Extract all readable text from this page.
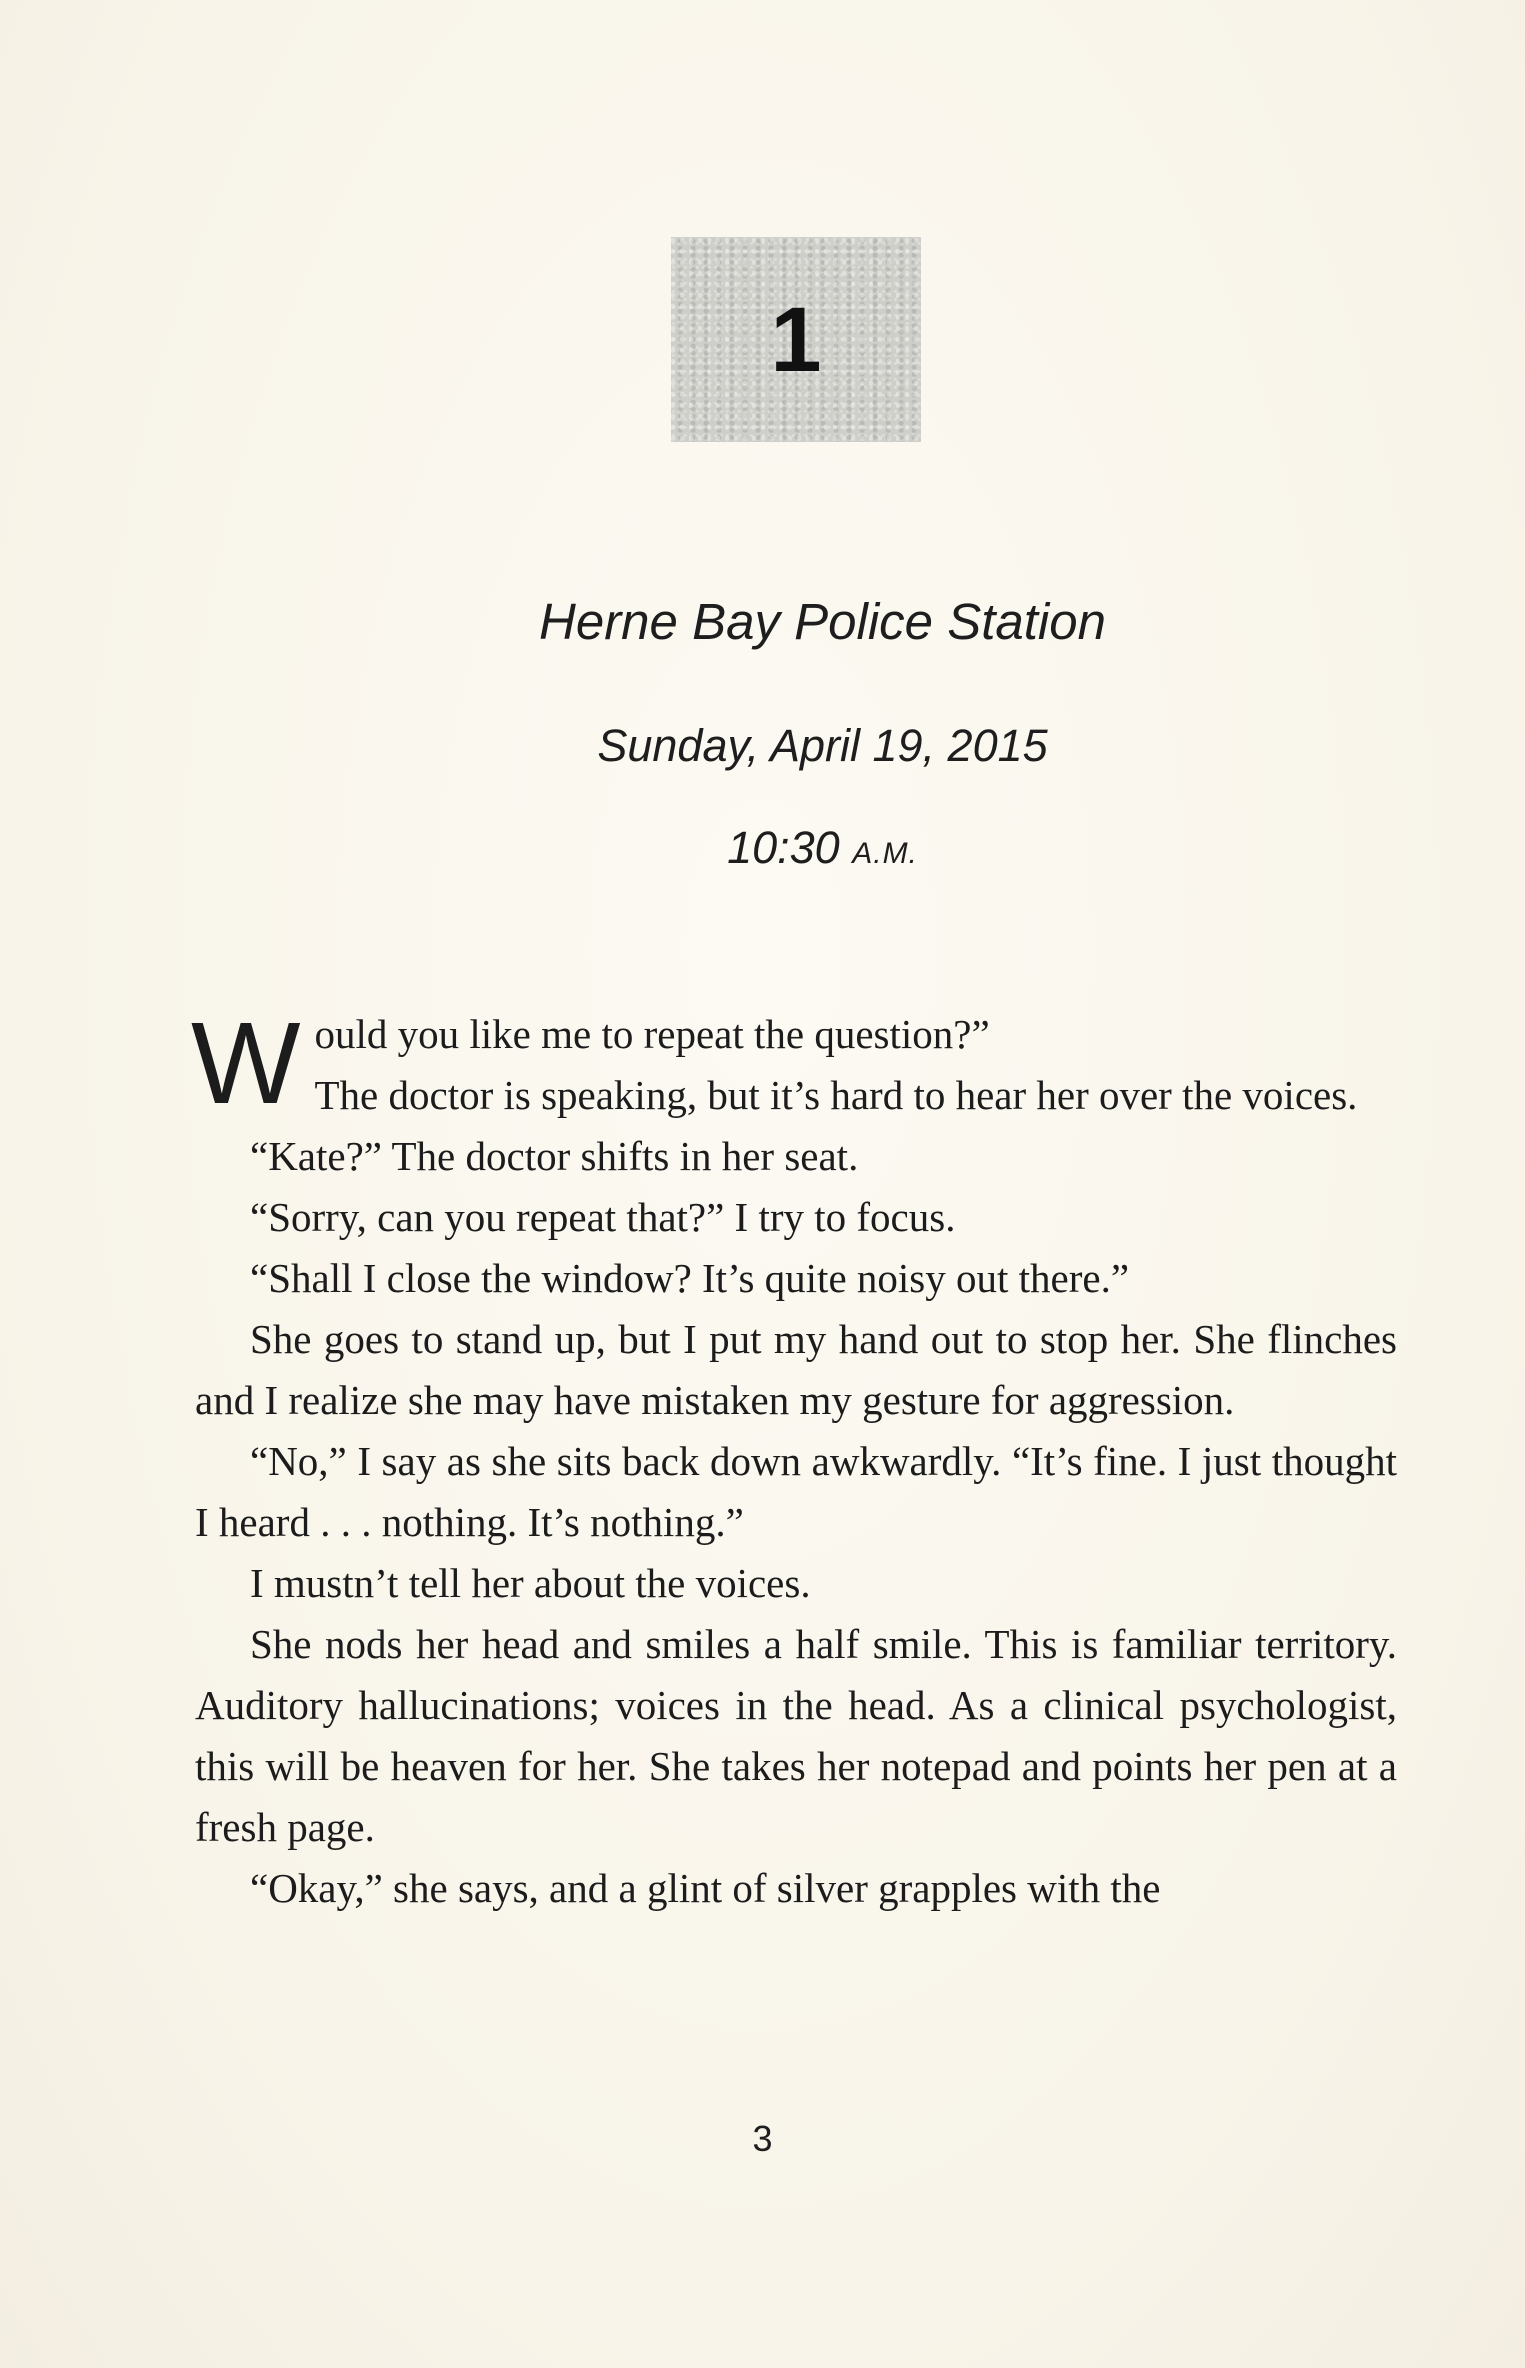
1
Herne Bay Police Station
Sunday, April 19, 2015
10:30 A.M.

Would you like me to repeat the question?”
The doctor is speaking, but it’s hard to hear her over the voices.

“Kate?” The doctor shifts in her seat.

“Sorry, can you repeat that?” I try to focus.

“Shall I close the window? It’s quite noisy out there.”

She goes to stand up, but I put my hand out to stop her. She flinches and I realize she may have mistaken my gesture for aggression.

“No,” I say as she sits back down awkwardly. “It’s fine. I just thought I heard . . . nothing. It’s nothing.”

I mustn’t tell her about the voices.

She nods her head and smiles a half smile. This is familiar territory. Auditory hallucinations; voices in the head. As a clinical psychologist, this will be heaven for her. She takes her notepad and points her pen at a fresh page.

“Okay,” she says, and a glint of silver grapples with the

3
